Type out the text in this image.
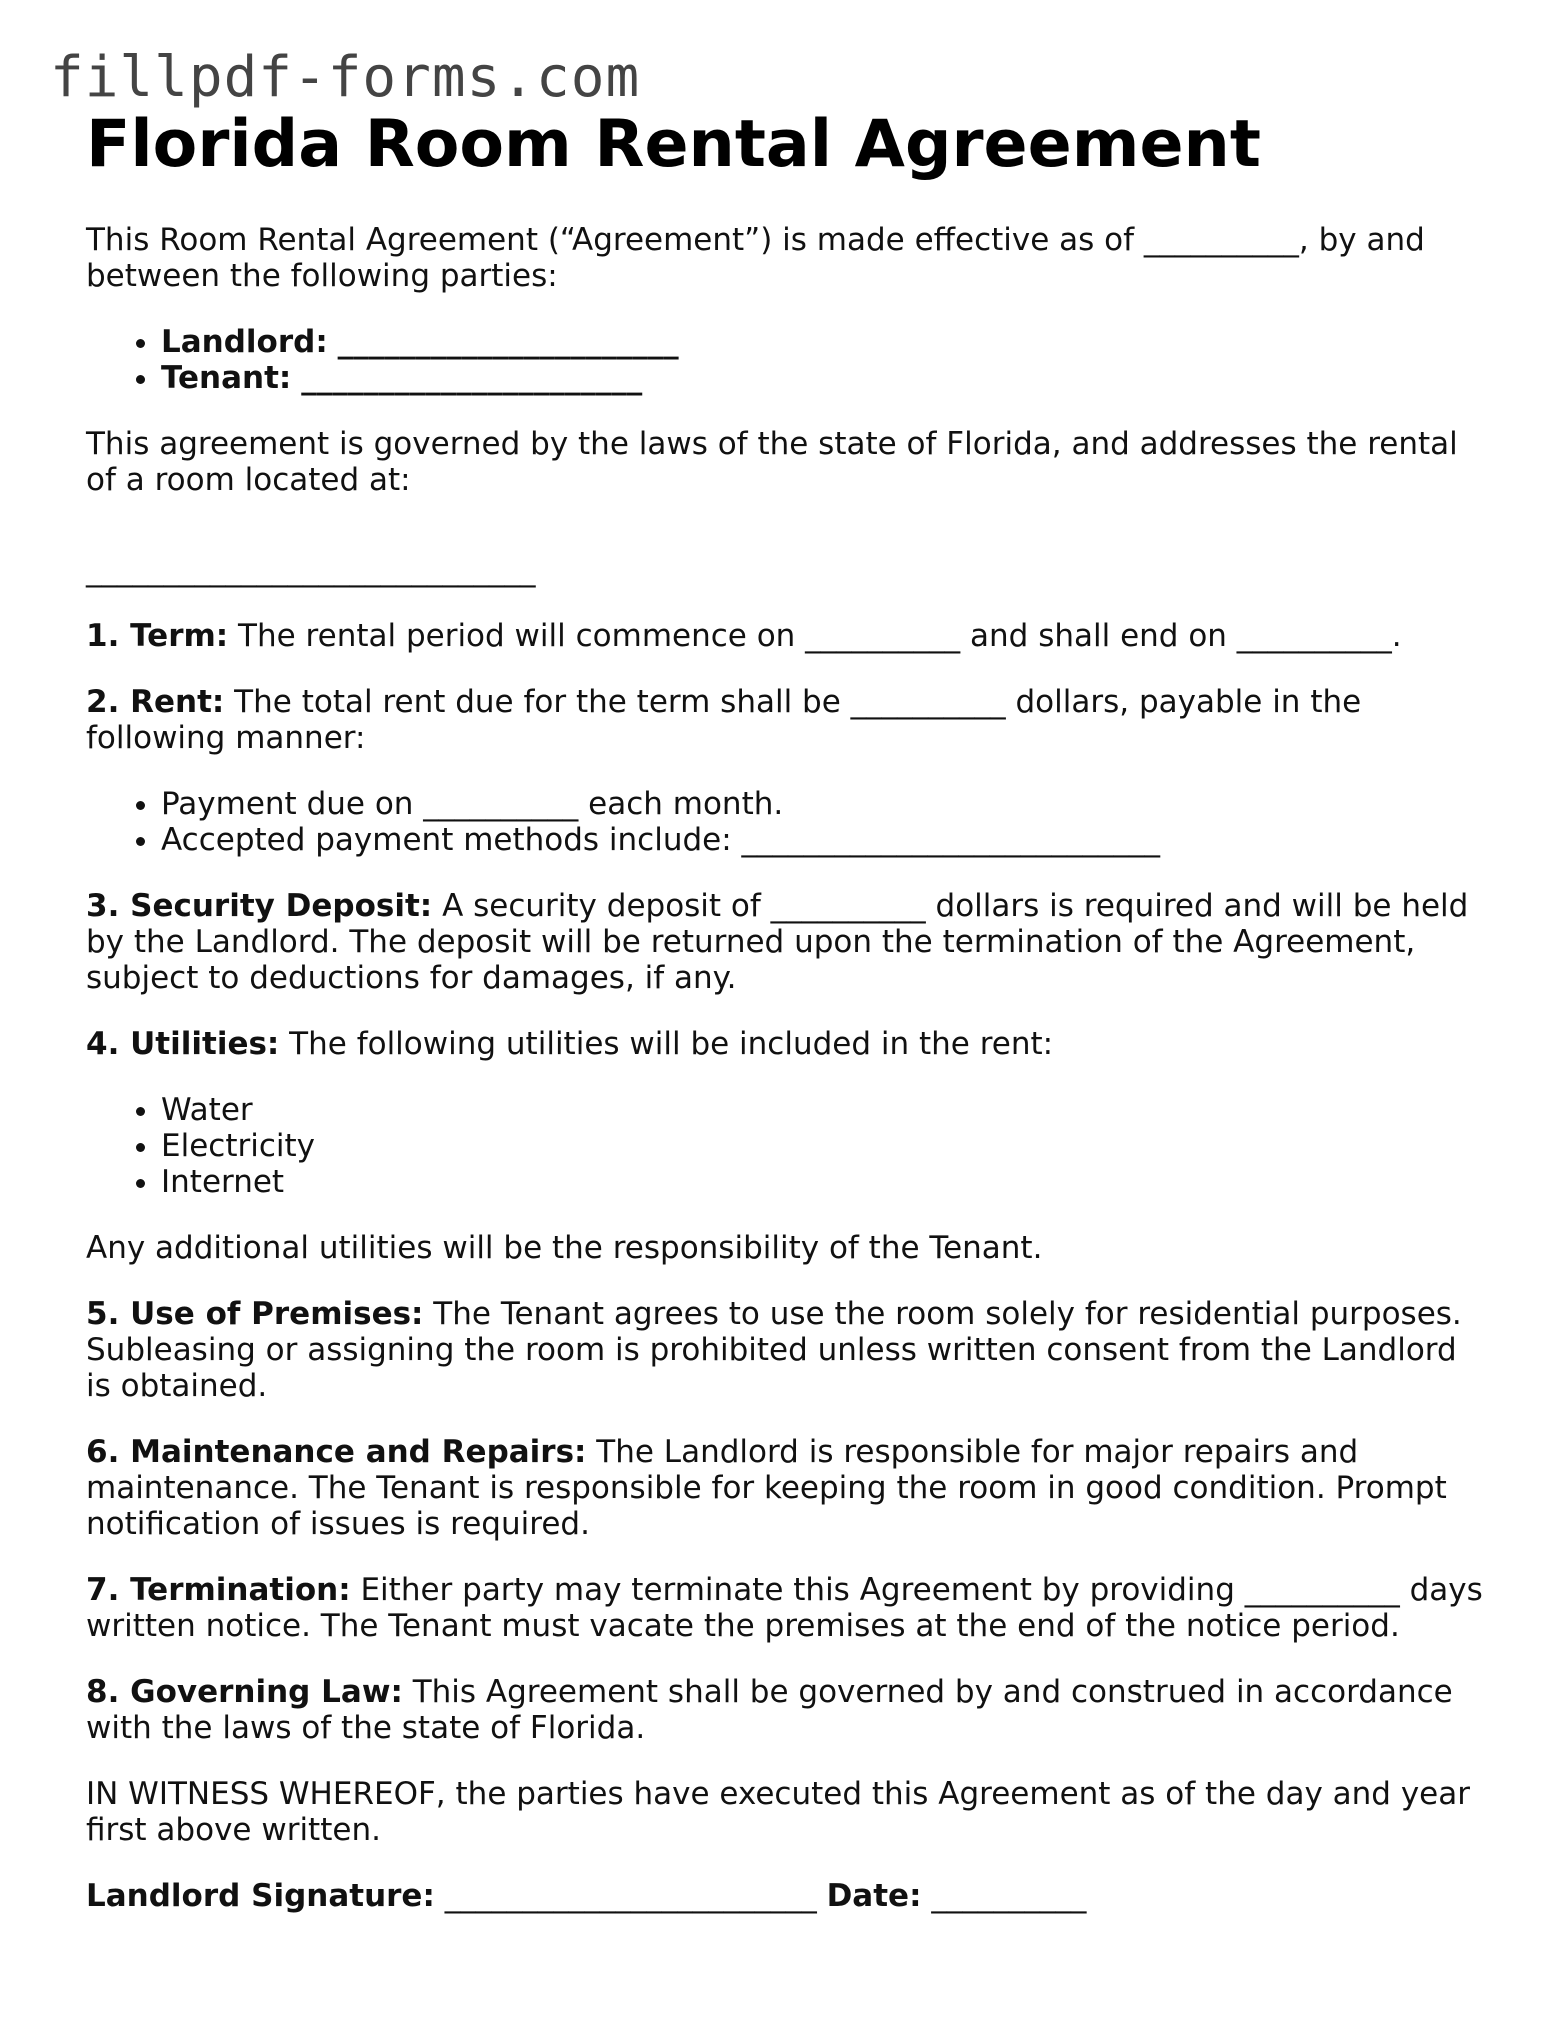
fillpdf-forms.com
Florida Room Rental Agreement

This Room Rental Agreement (“Agreement”) is made effective as of __________, by and between the following parties:

• Landlord: ______________________
• Tenant: ______________________

This agreement is governed by the laws of the state of Florida, and addresses the rental of a room located at:

_____________________________

1. Term: The rental period will commence on __________ and shall end on __________.

2. Rent: The total rent due for the term shall be __________ dollars, payable in the following manner:

• Payment due on __________ each month.
• Accepted payment methods include: ___________________________

3. Security Deposit: A security deposit of __________ dollars is required and will be held by the Landlord. The deposit will be returned upon the termination of the Agreement, subject to deductions for damages, if any.

4. Utilities: The following utilities will be included in the rent:

• Water
• Electricity
• Internet

Any additional utilities will be the responsibility of the Tenant.

5. Use of Premises: The Tenant agrees to use the room solely for residential purposes. Subleasing or assigning the room is prohibited unless written consent from the Landlord is obtained.

6. Maintenance and Repairs: The Landlord is responsible for major repairs and maintenance. The Tenant is responsible for keeping the room in good condition. Prompt notification of issues is required.

7. Termination: Either party may terminate this Agreement by providing __________ days written notice. The Tenant must vacate the premises at the end of the notice period.

8. Governing Law: This Agreement shall be governed by and construed in accordance with the laws of the state of Florida.

IN WITNESS WHEREOF, the parties have executed this Agreement as of the day and year first above written.

Landlord Signature: ________________________ Date: __________
